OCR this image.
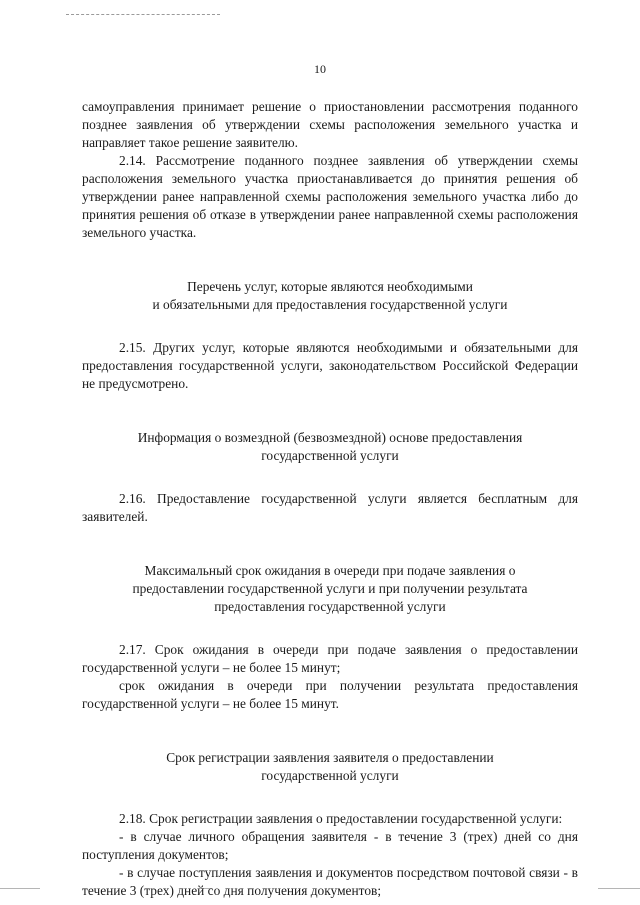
10

самоуправления принимает решение о приостановлении рассмотрения поданного позднее заявления об утверждении схемы расположения земельного участка и направляет такое решение заявителю.

2.14. Рассмотрение поданного позднее заявления об утверждении схемы расположения земельного участка приостанавливается до принятия решения об утверждении ранее направленной схемы расположения земельного участка либо до принятия решения об отказе в утверждении ранее направленной схемы расположения земельного участка.

Перечень услуг, которые являются необходимыми
и обязательными для предоставления государственной услуги

2.15. Других услуг, которые являются необходимыми и обязательными для предоставления государственной услуги, законодательством Российской Федерации не предусмотрено.

Информация о возмездной (безвозмездной) основе предоставления
государственной услуги

2.16. Предоставление государственной услуги является бесплатным для заявителей.

Максимальный срок ожидания в очереди при подаче заявления о
предоставлении государственной услуги и при получении результата
предоставления государственной услуги

2.17. Срок ожидания в очереди при подаче заявления о предоставлении государственной услуги – не более 15 минут;

срок ожидания в очереди при получении результата предоставления государственной услуги – не более 15 минут.

Срок регистрации заявления заявителя о предоставлении
государственной услуги

2.18. Срок регистрации заявления о предоставлении государственной услуги:

- в случае личного обращения заявителя - в течение 3 (трех) дней со дня поступления документов;

- в случае поступления заявления и документов посредством почтовой связи - в течение 3 (трех) дней со дня получения документов;
